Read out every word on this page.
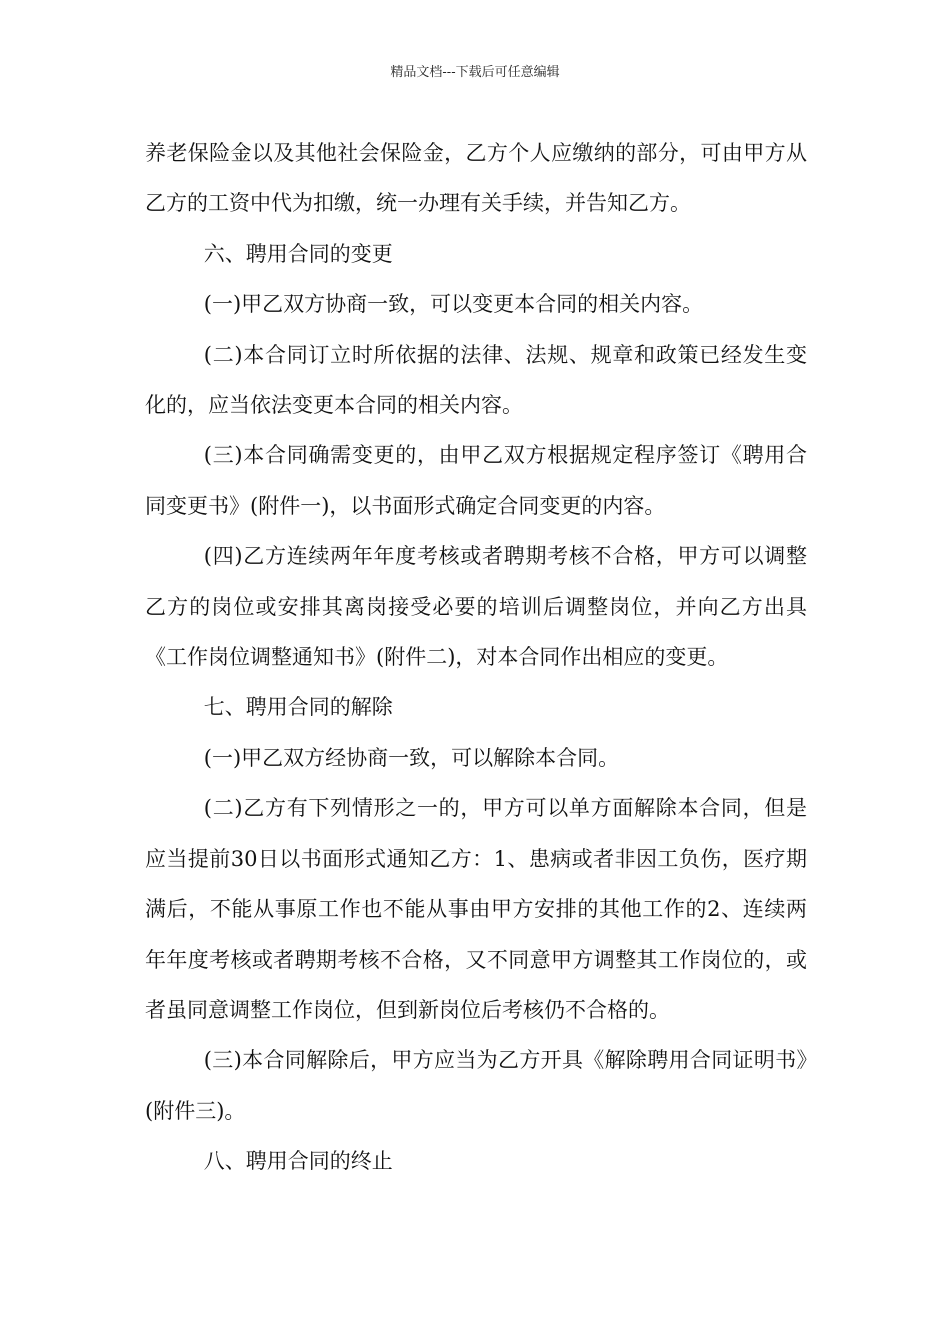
精品文档---下载后可任意编辑

养老保险金以及其他社会保险金，乙方个人应缴纳的部分，可由甲方从乙方的工资中代为扣缴，统一办理有关手续，并告知乙方。

六、聘用合同的变更

(一)甲乙双方协商一致，可以变更本合同的相关内容。

(二)本合同订立时所依据的法律、法规、规章和政策已经发生变化的，应当依法变更本合同的相关内容。

(三)本合同确需变更的，由甲乙双方根据规定程序签订《聘用合同变更书》(附件一)，以书面形式确定合同变更的内容。

(四)乙方连续两年年度考核或者聘期考核不合格，甲方可以调整乙方的岗位或安排其离岗接受必要的培训后调整岗位，并向乙方出具《工作岗位调整通知书》(附件二)，对本合同作出相应的变更。

七、聘用合同的解除

(一)甲乙双方经协商一致，可以解除本合同。

(二)乙方有下列情形之一的，甲方可以单方面解除本合同，但是应当提前30日以书面形式通知乙方：1、患病或者非因工负伤，医疗期满后，不能从事原工作也不能从事由甲方安排的其他工作的2、连续两年年度考核或者聘期考核不合格，又不同意甲方调整其工作岗位的，或者虽同意调整工作岗位，但到新岗位后考核仍不合格的。

(三)本合同解除后，甲方应当为乙方开具《解除聘用合同证明书》(附件三)。

八、聘用合同的终止
